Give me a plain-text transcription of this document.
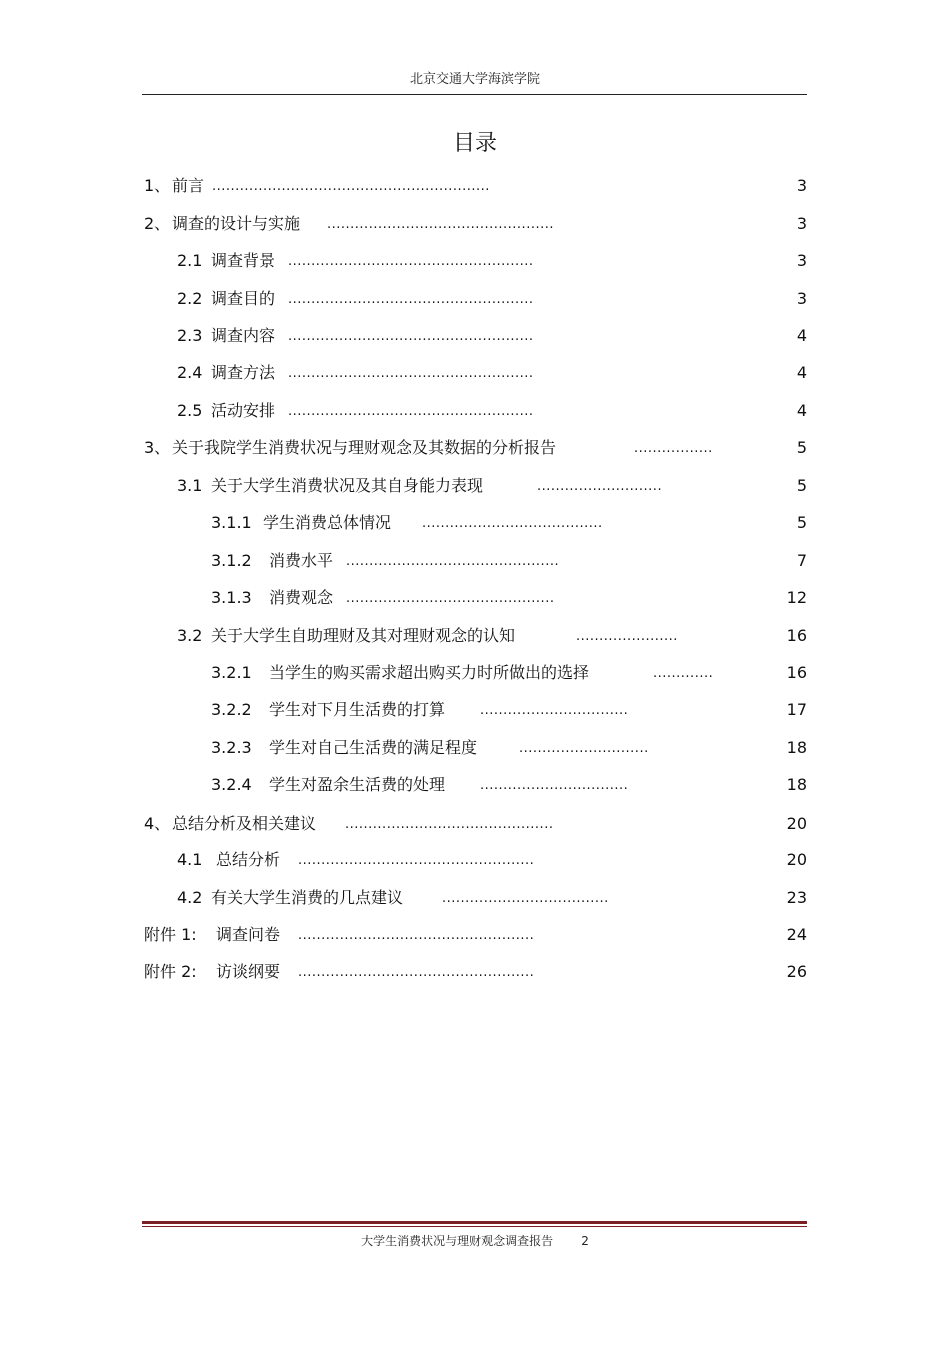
北京交通大学海滨学院
目录
1、 前言 ............................................................	3
2、 调查的设计与实施 .................................................	3
2.1 调查背景 .....................................................	3
2.2 调查目的 .....................................................	3
2.3 调查内容 .....................................................	4
2.4 调查方法 .....................................................	4
2.5 活动安排 .....................................................	4
3、 关于我院学生消费状况与理财观念及其数据的分析报告	.................	5
3.1 关于大学生消费状况及其自身能力表现	...........................	5
3.1.1 学生消费总体情况 .......................................	5
3.1.2 消费水平 ..............................................	7
3.1.3 消费观念 .............................................	12
3.2 关于大学生自助理财及其对理财观念的认知	......................	16
3.2.1 当学生的购买需求超出购买力时所做出的选择	.............	16
3.2.2 学生对下月生活费的打算	................................	17
3.2.3 学生对自己生活费的满足程度	............................	18
3.2.4 学生对盈余生活费的处理	................................	18
4、 总结分析及相关建议 .............................................	20
4.1 总结分析 ...................................................	20
4.2 有关大学生消费的几点建议	....................................	23
附件 1: 调查问卷 ...................................................	24
附件 2: 访谈纲要 ...................................................	26
大学生消费状况与理财观念调查报告 2
